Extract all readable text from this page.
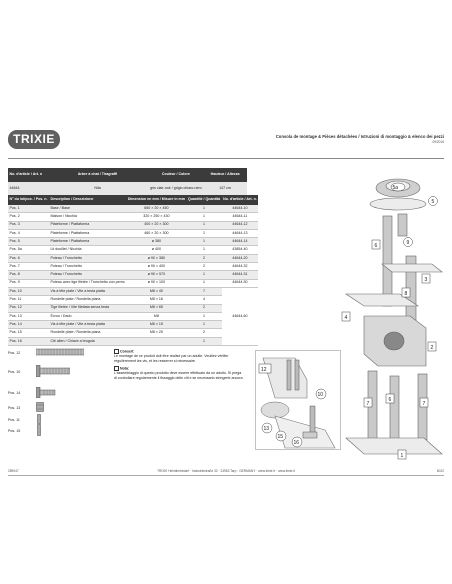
TRIXIE	Consola de montage & Pièces détachées / Istruzioni di montaggio & elenco dei pezzi
09/2016
No. d'article / Art. n	Arbre à chat / Tiragraffi	Couleur / Colore	Hauteur / Altezza
44644	Nita	gris clair-noir / grigio chiaro-nero	147 cm
N° du lot/pos. / Pos. n.	Description / Descrizione	Dimension en mm / Misure in mm	Quantité / Quantità	No. d'article / Art. n.
Pos. 1	Base / Base	650 × 20 × 450	1	44644-10
Pos. 2	Maison / Nicchia	320 × 250 × 430	1	44644-11
Pos. 3	Plateforme / Piattaforma	400 × 20 × 300	1	44644-12
Pos. 4	Plateforme / Piattaforma	460 × 20 × 300	1	44644-13
Pos. 5	Plateforme / Piattaforma	ø 380	1	44644-14
Pos. 5a	Lit douillet / Nicchia	ø 400	1	43854-40
Pos. 6	Poteau / Tronchetto	ø 90 × 380	2	44644-20
Pos. 7	Poteau / Tronchetto	ø 90 × 400	2	44644-32
Pos. 8	Poteau / Tronchetto	ø 90 × 570	1	44644-31
Pos. 9	Poteau avec tige filetée / Tronchetto con perno	ø 90 × 100	1	44644-30
Pos. 10	Vis à tête plate / Vite a testa piatta	M8 × 40	7	44644-60
Pos. 11	Rondelle plate / Rondella piana	M8 × 16	4	
Pos. 12	Tige filetée / Vite filettata senza testa	M8 × 65	2	
Pos. 13	Écrou / Dado	M8	1	
Pos. 14	Vis à tête plate / Vite a testa piatta	M6 × 15	1	
Pos. 15	Rondelle plate / Rondella piana	M8 × 25	2	
Pos. 16	Clé allen / Chiave a brugola		1	
Pos. 12
Pos. 10
Pos. 14
Pos. 13
Pos. 11
Pos. 15
Conseil:
Le montage de ce produit doit être réalisé par un adulte. Veuillez vérifier régulièrement les vis, et les resserrer si nécessaire.
Nota:
L'assemblaggio di questo prodotto deve essere effettuato da un adulto. Si prega di controllare regolarmente il fissaggio delle viti e se necessario stringerle ancora.
12
13
15
16
10
5a
5
9
8
6
4
3
7	7
6
2
1
289047	TRIXIE Heimtierbedarf · Industriestraße 32 · 24963 Tarp · GERMANY · www.trixie.fr · www.trixie.it	6022
